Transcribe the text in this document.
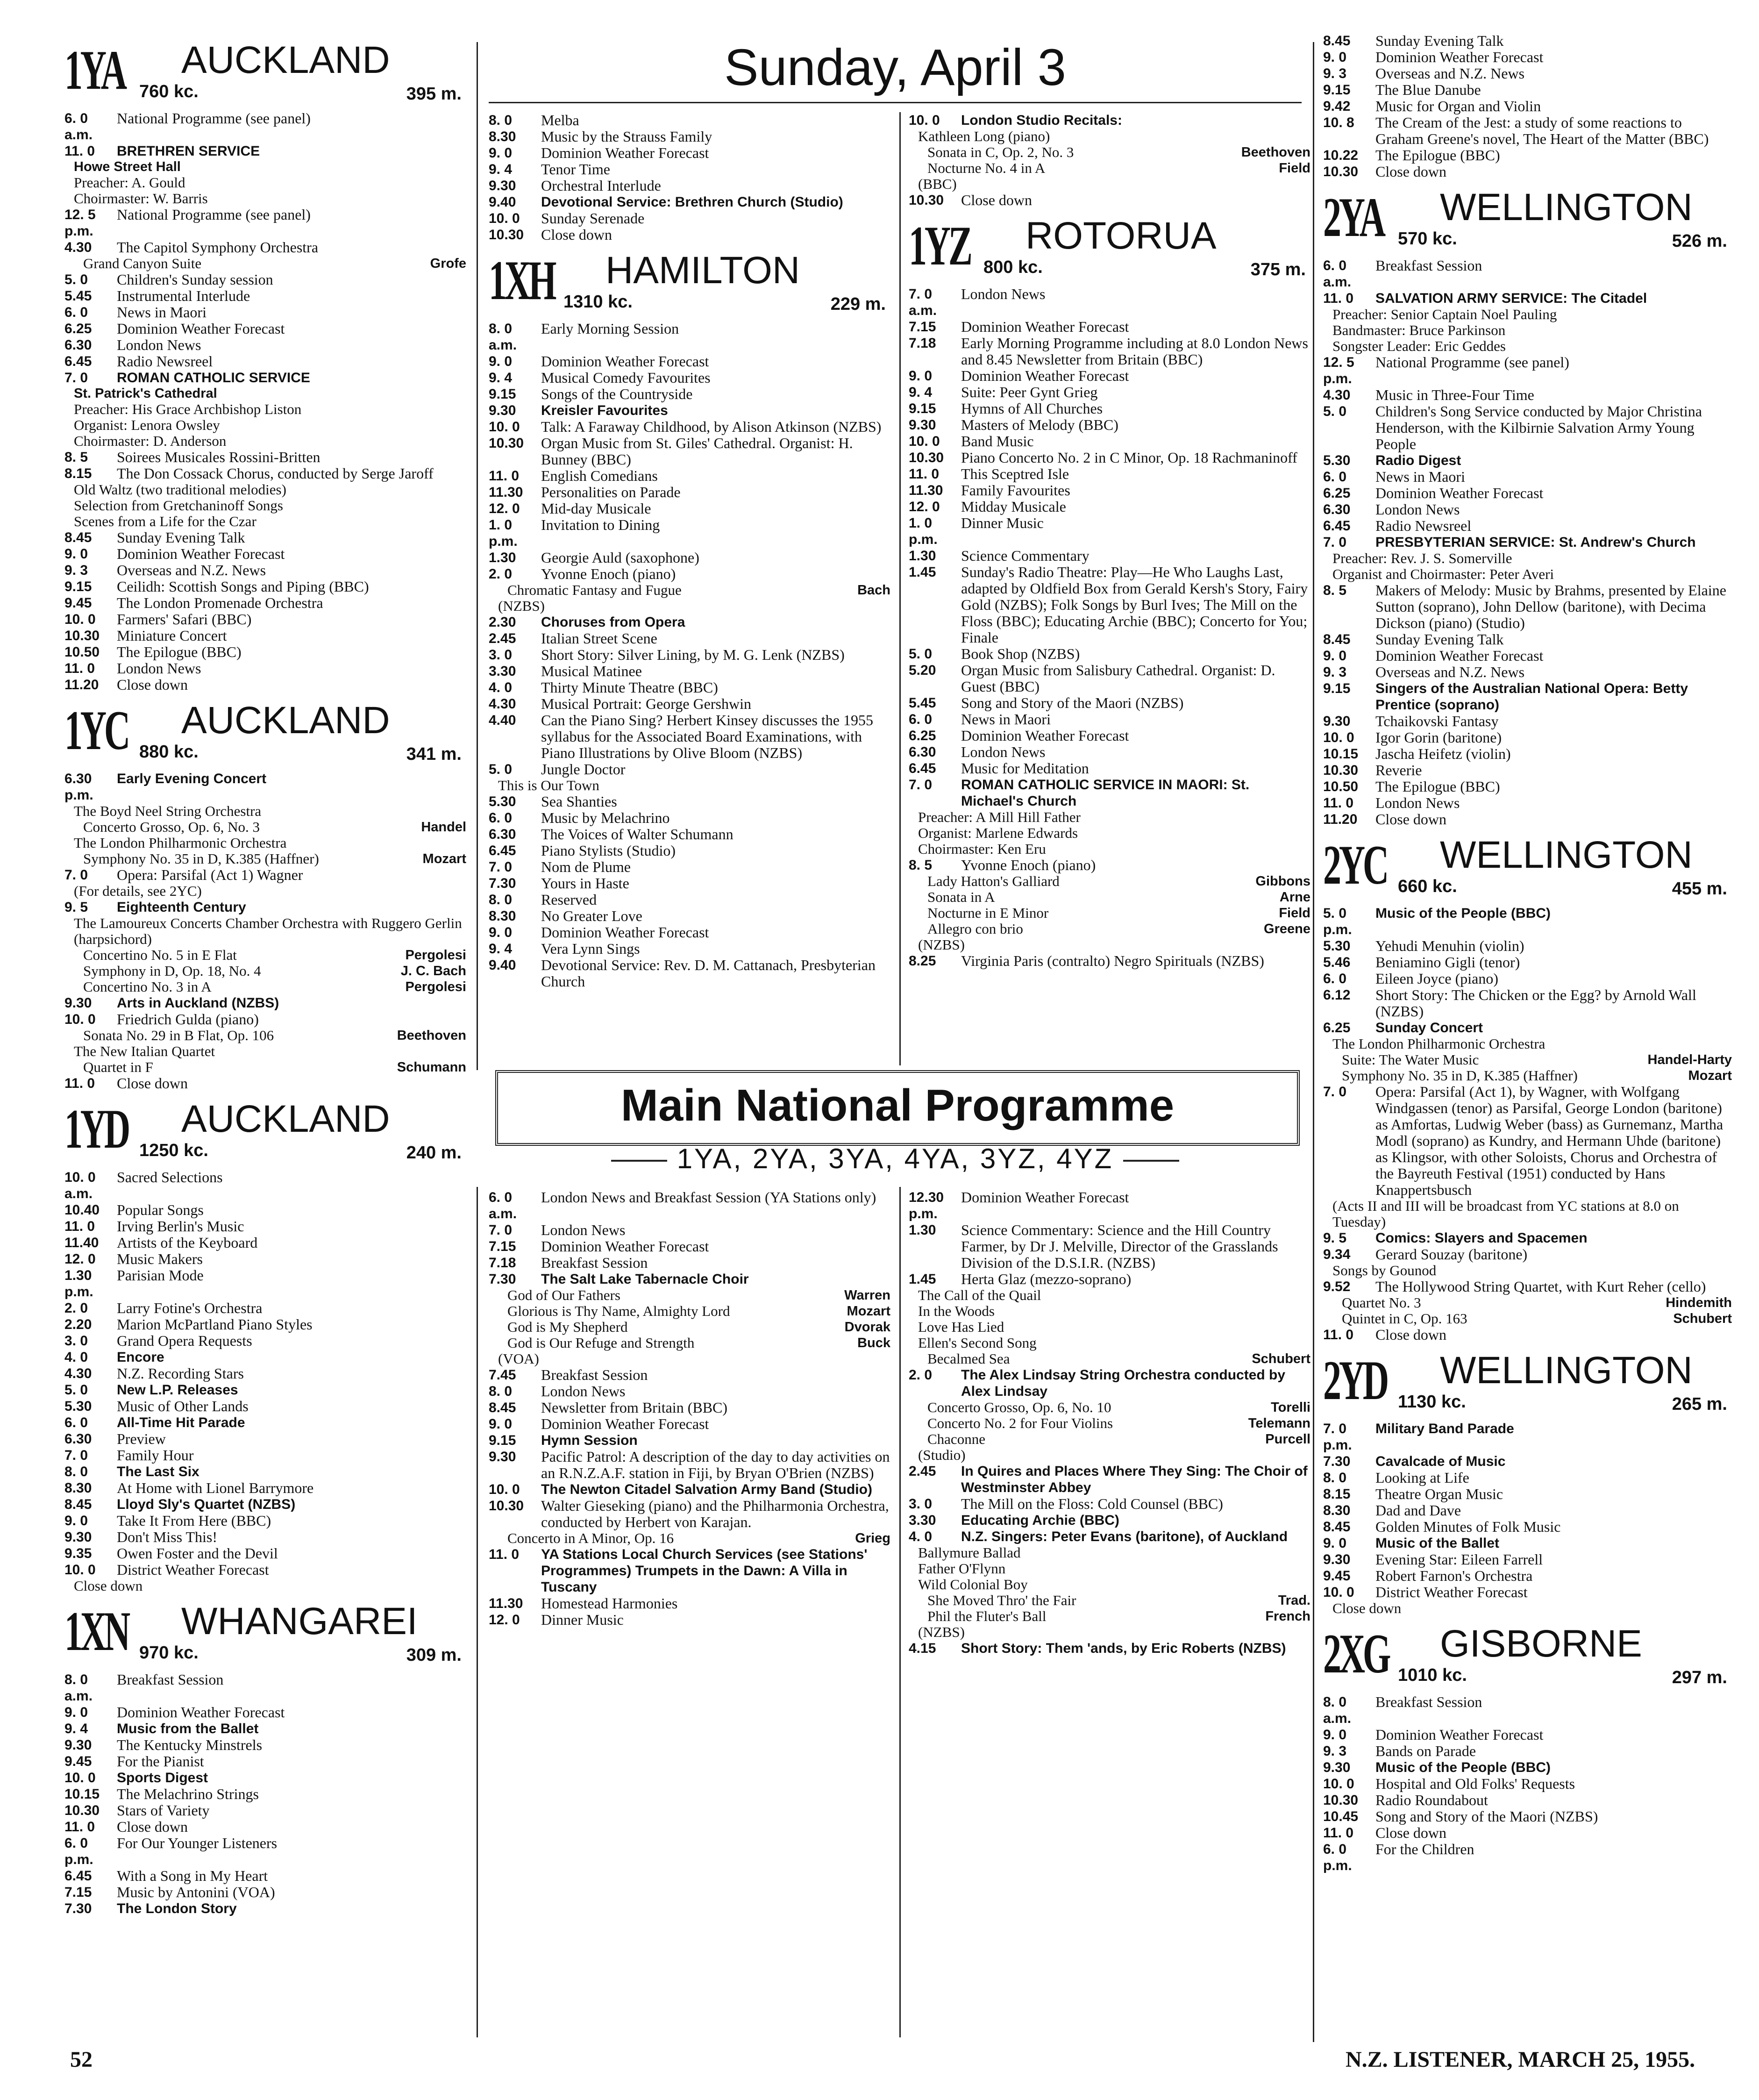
Sunday, April 3
1YA AUCKLAND
760 kc.	395 m.
6. 0 a.m.
National Programme (see panel)
11. 0	BRETHREN SERVICE
Howe Street Hall
Preacher: A. Gould
Choirmaster: W. Barris
12. 5 p.m.
National Programme (see panel)
4.30	The Capitol Symphony Orchestra
Grand Canyon Suite	Grofe
5. 0	Children's Sunday session
5.45	Instrumental Interlude
6. 0	News in Maori
6.25	Dominion Weather Forecast
6.30	London News
6.45	Radio Newsreel
7. 0	ROMAN CATHOLIC SERVICE
St. Patrick's Cathedral
Preacher: His Grace Archbishop Liston
Organist: Lenora Owsley
Choirmaster: D. Anderson
8. 5	Soirees Musicales Rossini-Britten
8.15	The Don Cossack Chorus, conducted by Serge Jaroff
Old Waltz (two traditional melodies)
Selection from Gretchaninoff Songs
Scenes from a Life for the Czar
8.45	Sunday Evening Talk
9. 0	Dominion Weather Forecast
9. 3	Overseas and N.Z. News
9.15	Ceilidh: Scottish Songs and Piping (BBC)
9.45	The London Promenade Orchestra
10. 0	Farmers' Safari (BBC)
10.30	Miniature Concert
10.50	The Epilogue (BBC)
11. 0	London News
11.20	Close down
1YC AUCKLAND
880 kc.	341 m.
6.30 p.m.
Early Evening Concert
The Boyd Neel String Orchestra
Concerto Grosso, Op. 6, No. 3	Handel
The London Philharmonic Orchestra
Symphony No. 35 in D, K.385 (Haffner)	Mozart
7. 0	Opera: Parsifal (Act 1) Wagner
(For details, see 2YC)
9. 5	Eighteenth Century
The Lamoureux Concerts Chamber Orchestra with Ruggero Gerlin (harpsichord)
Concertino No. 5 in E Flat	Pergolesi
Symphony in D, Op. 18, No. 4	J. C. Bach
Concertino No. 3 in A	Pergolesi
9.30	Arts in Auckland (NZBS)
10. 0	Friedrich Gulda (piano)
Sonata No. 29 in B Flat, Op. 106	Beethoven
The New Italian Quartet
Quartet in F	Schumann
11. 0	Close down
1YD AUCKLAND
1250 kc.	240 m.
10. 0 a.m.
Sacred Selections
10.40	Popular Songs
11. 0	Irving Berlin's Music
11.40	Artists of the Keyboard
12. 0	Music Makers
1.30 p.m.
Parisian Mode
2. 0	Larry Fotine's Orchestra
2.20	Marion McPartland Piano Styles
3. 0	Grand Opera Requests
4. 0	Encore
4.30	N.Z. Recording Stars
5. 0	New L.P. Releases
5.30	Music of Other Lands
6. 0	All-Time Hit Parade
6.30	Preview
7. 0	Family Hour
8. 0	The Last Six
8.30	At Home with Lionel Barrymore
8.45	Lloyd Sly's Quartet (NZBS)
9. 0	Take It From Here (BBC)
9.30	Don't Miss This!
9.35	Owen Foster and the Devil
10. 0	District Weather Forecast
Close down
1XN WHANGAREI
970 kc.	309 m.
8. 0 a.m.
Breakfast Session
9. 0	Dominion Weather Forecast
9. 4	Music from the Ballet
9.30	The Kentucky Minstrels
9.45	For the Pianist
10. 0	Sports Digest
10.15	The Melachrino Strings
10.30	Stars of Variety
11. 0	Close down
6. 0 p.m.
For Our Younger Listeners
6.45	With a Song in My Heart
7.15	Music by Antonini (VOA)
7.30	The London Story
8. 0	Melba
8.30	Music by the Strauss Family
9. 0	Dominion Weather Forecast
9. 4	Tenor Time
9.30	Orchestral Interlude
9.40	Devotional Service: Brethren Church (Studio)
10. 0	Sunday Serenade
10.30	Close down
1XH HAMILTON
1310 kc.	229 m.
8. 0 a.m.
Early Morning Session
9. 0	Dominion Weather Forecast
9. 4	Musical Comedy Favourites
9.15	Songs of the Countryside
9.30	Kreisler Favourites
10. 0	Talk: A Faraway Childhood, by Alison Atkinson (NZBS)
10.30	Organ Music from St. Giles' Cathedral. Organist: H. Bunney (BBC)
11. 0	English Comedians
11.30	Personalities on Parade
12. 0	Mid-day Musicale
1. 0 p.m.
Invitation to Dining
1.30	Georgie Auld (saxophone)
2. 0	Yvonne Enoch (piano)
Chromatic Fantasy and Fugue	Bach
(NZBS)
2.30	Choruses from Opera
2.45	Italian Street Scene
3. 0	Short Story: Silver Lining, by M. G. Lenk (NZBS)
3.30	Musical Matinee
4. 0	Thirty Minute Theatre (BBC)
4.30	Musical Portrait: George Gershwin
4.40	Can the Piano Sing? Herbert Kinsey discusses the 1955 syllabus for the Associated Board Examinations, with Piano Illustrations by Olive Bloom (NZBS)
5. 0	Jungle Doctor
This is Our Town
5.30	Sea Shanties
6. 0	Music by Melachrino
6.30	The Voices of Walter Schumann
6.45	Piano Stylists (Studio)
7. 0	Nom de Plume
7.30	Yours in Haste
8. 0	Reserved
8.30	No Greater Love
9. 0	Dominion Weather Forecast
9. 4	Vera Lynn Sings
9.40	Devotional Service: Rev. D. M. Cattanach, Presbyterian Church
10. 0	London Studio Recitals:
Kathleen Long (piano)
Sonata in C, Op. 2, No. 3	Beethoven
Nocturne No. 4 in A	Field
(BBC)
10.30	Close down
1YZ ROTORUA
800 kc.	375 m.
7. 0 a.m.
London News
7.15	Dominion Weather Forecast
7.18	Early Morning Programme including at 8.0 London News and 8.45 Newsletter from Britain (BBC)
9. 0	Dominion Weather Forecast
9. 4	Suite: Peer Gynt Grieg
9.15	Hymns of All Churches
9.30	Masters of Melody (BBC)
10. 0	Band Music
10.30	Piano Concerto No. 2 in C Minor, Op. 18 Rachmaninoff
11. 0	This Sceptred Isle
11.30	Family Favourites
12. 0	Midday Musicale
1. 0 p.m.
Dinner Music
1.30	Science Commentary
1.45	Sunday's Radio Theatre: Play—He Who Laughs Last, adapted by Oldfield Box from Gerald Kersh's Story, Fairy Gold (NZBS); Folk Songs by Burl Ives; The Mill on the Floss (BBC); Educating Archie (BBC); Concerto for You; Finale
5. 0	Book Shop (NZBS)
5.20	Organ Music from Salisbury Cathedral. Organist: D. Guest (BBC)
5.45	Song and Story of the Maori (NZBS)
6. 0	News in Maori
6.25	Dominion Weather Forecast
6.30	London News
6.45	Music for Meditation
7. 0	ROMAN CATHOLIC SERVICE IN MAORI: St. Michael's Church
Preacher: A Mill Hill Father
Organist: Marlene Edwards
Choirmaster: Ken Eru
8. 5	Yvonne Enoch (piano)
Lady Hatton's Galliard	Gibbons
Sonata in A	Arne
Nocturne in E Minor	Field
Allegro con brio	Greene
(NZBS)
8.25	Virginia Paris (contralto) Negro Spirituals (NZBS)
8.45	Sunday Evening Talk
9. 0	Dominion Weather Forecast
9. 3	Overseas and N.Z. News
9.15	The Blue Danube
9.42	Music for Organ and Violin
10. 8	The Cream of the Jest: a study of some reactions to Graham Greene's novel, The Heart of the Matter (BBC)
10.22	The Epilogue (BBC)
10.30	Close down
2YA WELLINGTON
570 kc.	526 m.
6. 0 a.m.
Breakfast Session
11. 0	SALVATION ARMY SERVICE: The Citadel
Preacher: Senior Captain Noel Pauling
Bandmaster: Bruce Parkinson
Songster Leader: Eric Geddes
12. 5 p.m.
National Programme (see panel)
4.30	Music in Three-Four Time
5. 0	Children's Song Service conducted by Major Christina Henderson, with the Kilbirnie Salvation Army Young People
5.30	Radio Digest
6. 0	News in Maori
6.25	Dominion Weather Forecast
6.30	London News
6.45	Radio Newsreel
7. 0	PRESBYTERIAN SERVICE: St. Andrew's Church
Preacher: Rev. J. S. Somerville
Organist and Choirmaster: Peter Averi
8. 5	Makers of Melody: Music by Brahms, presented by Elaine Sutton (soprano), John Dellow (baritone), with Decima Dickson (piano) (Studio)
8.45	Sunday Evening Talk
9. 0	Dominion Weather Forecast
9. 3	Overseas and N.Z. News
9.15	Singers of the Australian National Opera: Betty Prentice (soprano)
9.30	Tchaikovski Fantasy
10. 0	Igor Gorin (baritone)
10.15	Jascha Heifetz (violin)
10.30	Reverie
10.50	The Epilogue (BBC)
11. 0	London News
11.20	Close down
2YC WELLINGTON
660 kc.	455 m.
5. 0 p.m.
Music of the People (BBC)
5.30	Yehudi Menuhin (violin)
5.46	Beniamino Gigli (tenor)
6. 0	Eileen Joyce (piano)
6.12	Short Story: The Chicken or the Egg? by Arnold Wall (NZBS)
6.25	Sunday Concert
The London Philharmonic Orchestra
Suite: The Water Music	Handel-Harty
Symphony No. 35 in D, K.385 (Haffner)	Mozart
7. 0	Opera: Parsifal (Act 1), by Wagner, with Wolfgang Windgassen (tenor) as Parsifal, George London (baritone) as Amfortas, Ludwig Weber (bass) as Gurnemanz, Martha Modl (soprano) as Kundry, and Hermann Uhde (baritone) as Klingsor, with other Soloists, Chorus and Orchestra of the Bayreuth Festival (1951) conducted by Hans Knappertsbusch
(Acts II and III will be broadcast from YC stations at 8.0 on Tuesday)
9. 5	Comics: Slayers and Spacemen
9.34	Gerard Souzay (baritone)
Songs by Gounod
9.52	The Hollywood String Quartet, with Kurt Reher (cello)
Quartet No. 3	Hindemith
Quintet in C, Op. 163	Schubert
11. 0	Close down
2YD WELLINGTON
1130 kc.	265 m.
7. 0 p.m.
Military Band Parade
7.30	Cavalcade of Music
8. 0	Looking at Life
8.15	Theatre Organ Music
8.30	Dad and Dave
8.45	Golden Minutes of Folk Music
9. 0	Music of the Ballet
9.30	Evening Star: Eileen Farrell
9.45	Robert Farnon's Orchestra
10. 0	District Weather Forecast
Close down
2XG GISBORNE
1010 kc.	297 m.
8. 0 a.m.
Breakfast Session
9. 0	Dominion Weather Forecast
9. 3	Bands on Parade
9.30	Music of the People (BBC)
10. 0	Hospital and Old Folks' Requests
10.30	Radio Roundabout
10.45	Song and Story of the Maori (NZBS)
11. 0	Close down
6. 0 p.m.
For the Children
Main National Programme
1YA, 2YA, 3YA, 4YA, 3YZ, 4YZ
6. 0 a.m.
London News and Breakfast Session (YA Stations only)
7. 0	London News
7.15	Dominion Weather Forecast
7.18	Breakfast Session
7.30	The Salt Lake Tabernacle Choir
God of Our Fathers	Warren
Glorious is Thy Name, Almighty Lord	Mozart
God is My Shepherd	Dvorak
God is Our Refuge and Strength	Buck
(VOA)
7.45	Breakfast Session
8. 0	London News
8.45	Newsletter from Britain (BBC)
9. 0	Dominion Weather Forecast
9.15	Hymn Session
9.30	Pacific Patrol: A description of the day to day activities on an R.N.Z.A.F. station in Fiji, by Bryan O'Brien (NZBS)
10. 0	The Newton Citadel Salvation Army Band (Studio)
10.30	Walter Gieseking (piano) and the Philharmonia Orchestra, conducted by Herbert von Karajan.
Concerto in A Minor, Op. 16	Grieg
11. 0	YA Stations Local Church Services (see Stations' Programmes) Trumpets in the Dawn: A Villa in Tuscany
11.30	Homestead Harmonies
12. 0	Dinner Music
12.30 p.m.
Dominion Weather Forecast
1.30	Science Commentary: Science and the Hill Country Farmer, by Dr J. Melville, Director of the Grasslands Division of the D.S.I.R. (NZBS)
1.45	Herta Glaz (mezzo-soprano)
The Call of the Quail
In the Woods
Love Has Lied
Ellen's Second Song
Becalmed Sea	Schubert
2. 0	The Alex Lindsay String Orchestra conducted by Alex Lindsay
Concerto Grosso, Op. 6, No. 10	Torelli
Concerto No. 2 for Four Violins	Telemann
Chaconne	Purcell
(Studio)
2.45	In Quires and Places Where They Sing: The Choir of Westminster Abbey
3. 0	The Mill on the Floss: Cold Counsel (BBC)
3.30	Educating Archie (BBC)
4. 0	N.Z. Singers: Peter Evans (baritone), of Auckland
Ballymure Ballad
Father O'Flynn
Wild Colonial Boy
She Moved Thro' the Fair	Trad.
Phil the Fluter's Ball	French
(NZBS)
4.15	Short Story: Them 'ands, by Eric Roberts (NZBS)
52	N.Z. LISTENER, MARCH 25, 1955.
